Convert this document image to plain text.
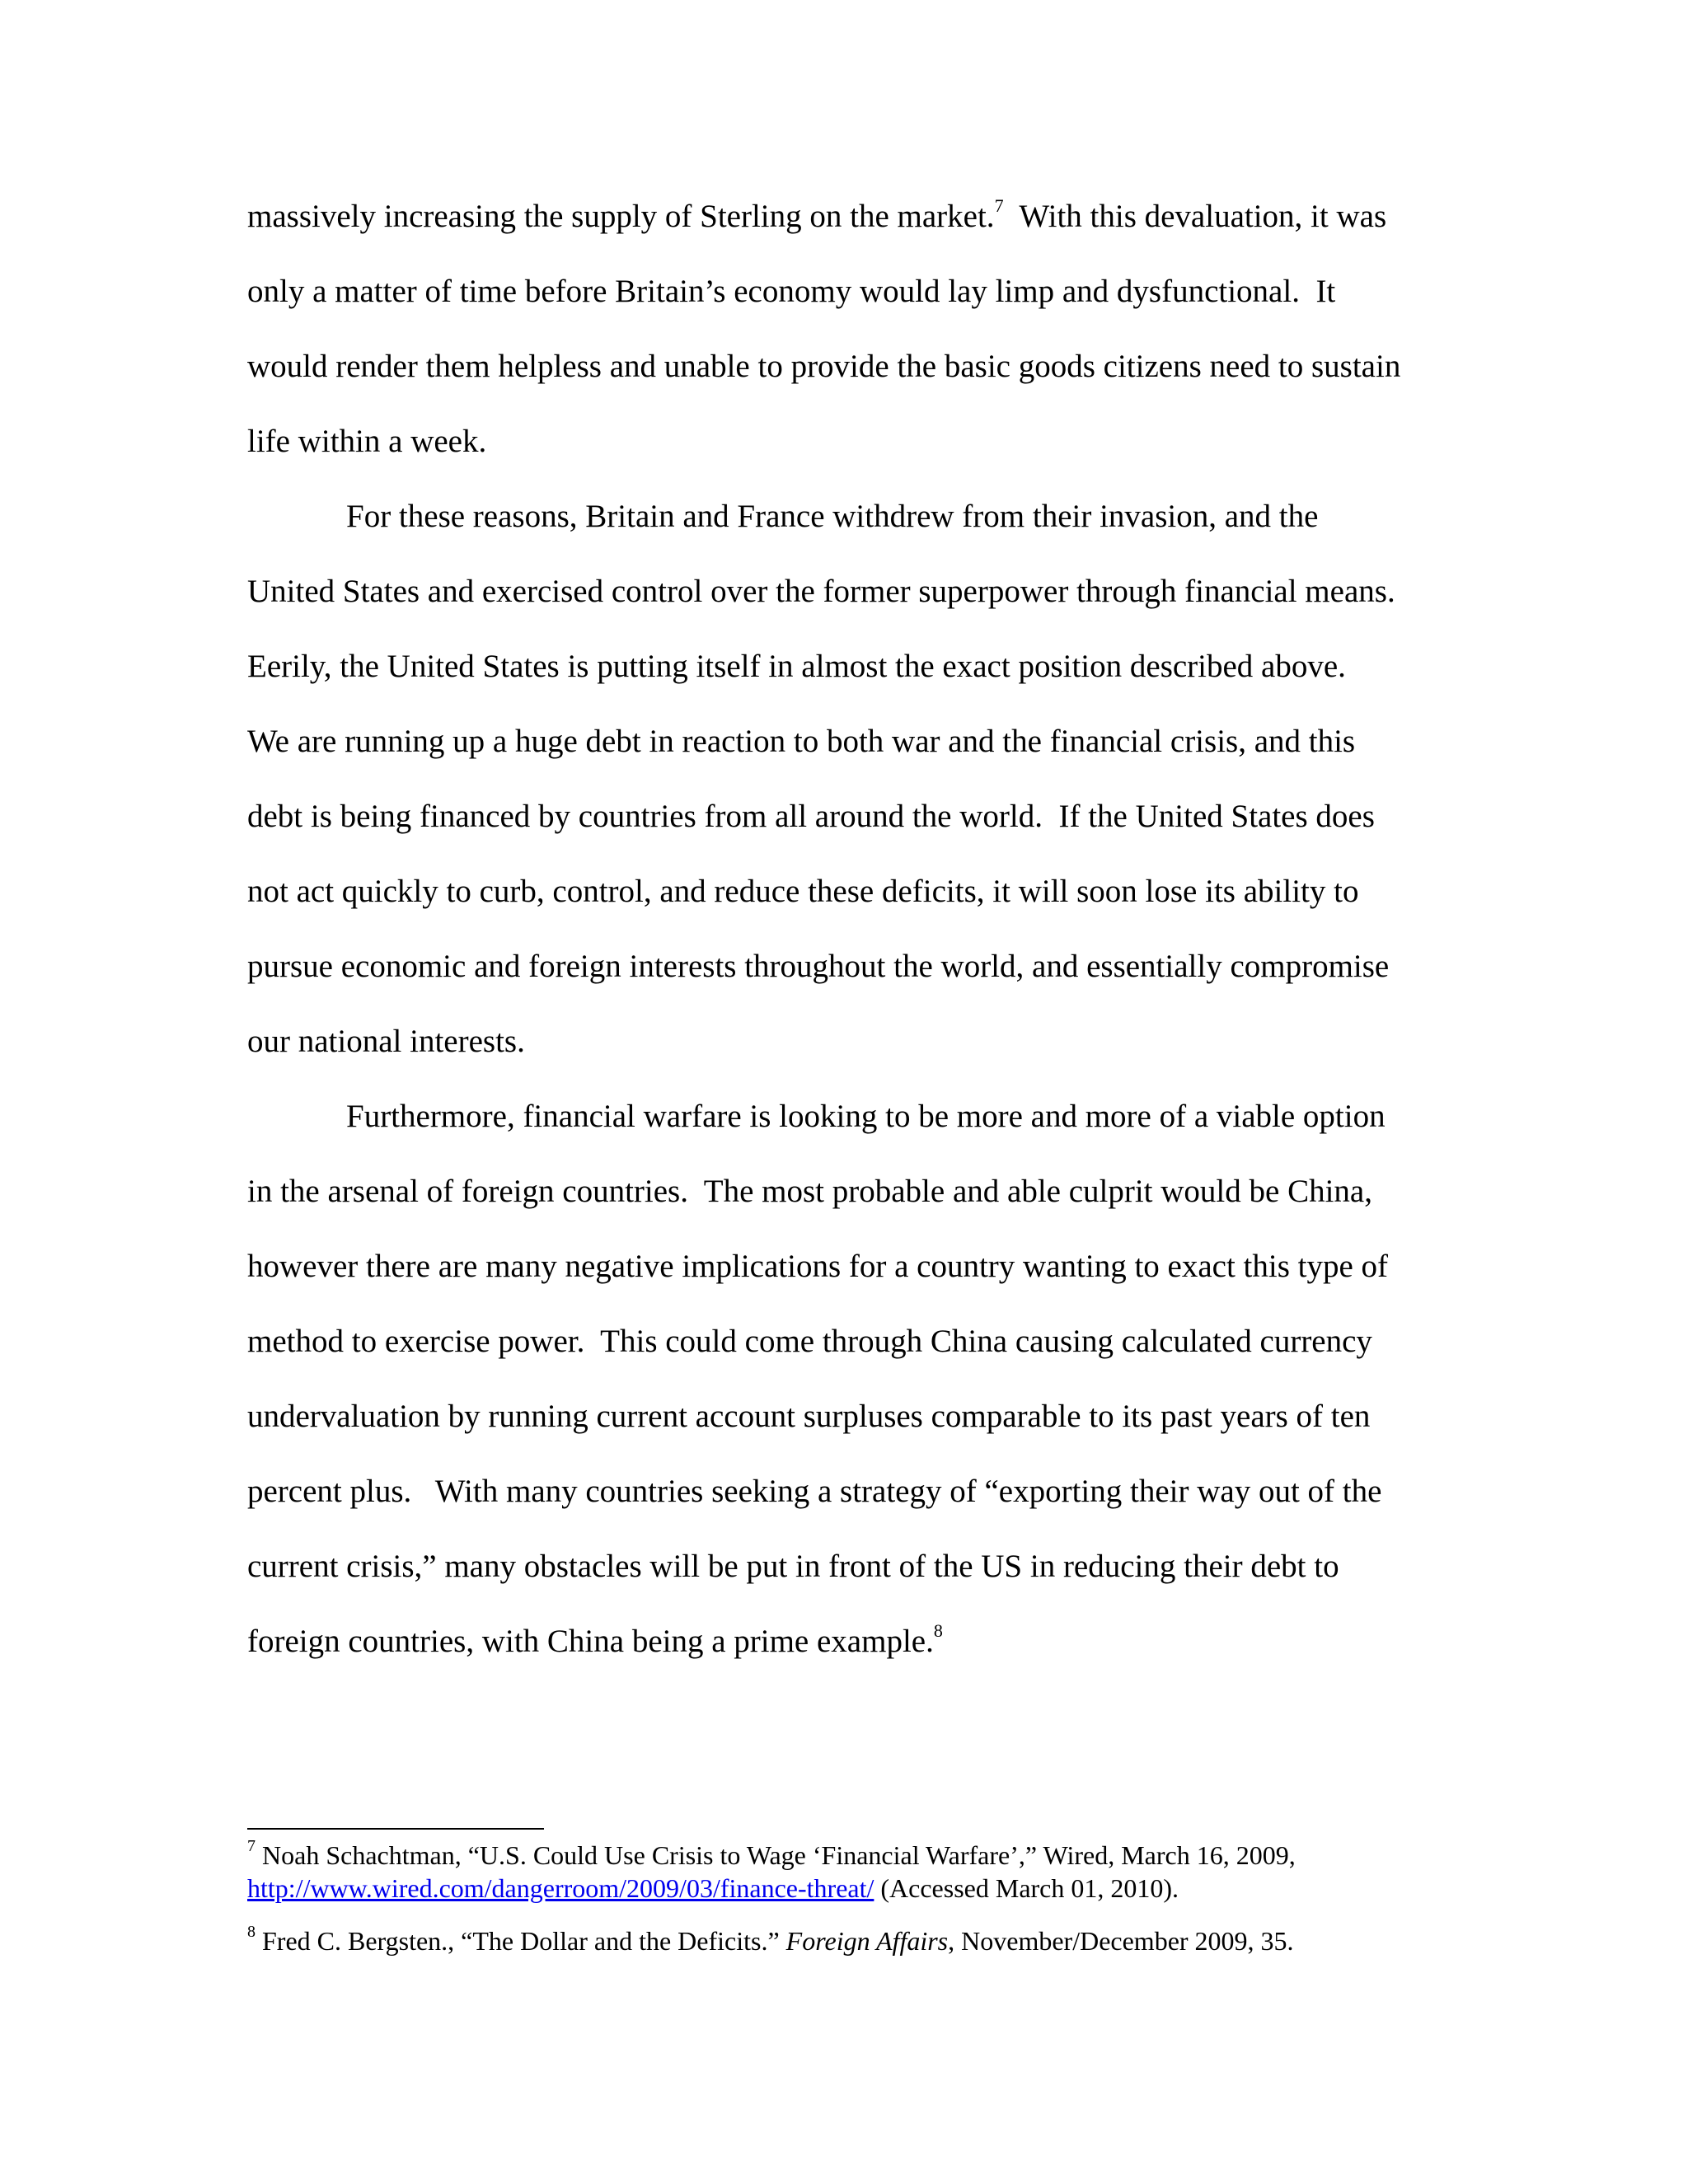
massively increasing the supply of Sterling on the market.$^7$  With this devaluation, it was
only a matter of time before Britain’s economy would lay limp and dysfunctional.  It
would render them helpless and unable to provide the basic goods citizens need to sustain
life within a week.
For these reasons, Britain and France withdrew from their invasion, and the
United States and exercised control over the former superpower through financial means.
Eerily, the United States is putting itself in almost the exact position described above.
We are running up a huge debt in reaction to both war and the financial crisis, and this
debt is being financed by countries from all around the world.  If the United States does
not act quickly to curb, control, and reduce these deficits, it will soon lose its ability to
pursue economic and foreign interests throughout the world, and essentially compromise
our national interests.
Furthermore, financial warfare is looking to be more and more of a viable option
in the arsenal of foreign countries.  The most probable and able culprit would be China,
however there are many negative implications for a country wanting to exact this type of
method to exercise power.  This could come through China causing calculated currency
undervaluation by running current account surpluses comparable to its past years of ten
percent plus.   With many countries seeking a strategy of “exporting their way out of the
current crisis,” many obstacles will be put in front of the US in reducing their debt to
foreign countries, with China being a prime example.$^8$
$^7$ Noah Schachtman, “U.S. Could Use Crisis to Wage ‘Financial Warfare’,” Wired, March 16, 2009,
http://www.wired.com/dangerroom/2009/03/finance-threat/ (Accessed March 01, 2010).
$^8$ Fred C. Bergsten., “The Dollar and the Deficits.” Foreign Affairs, November/December 2009, 35.
